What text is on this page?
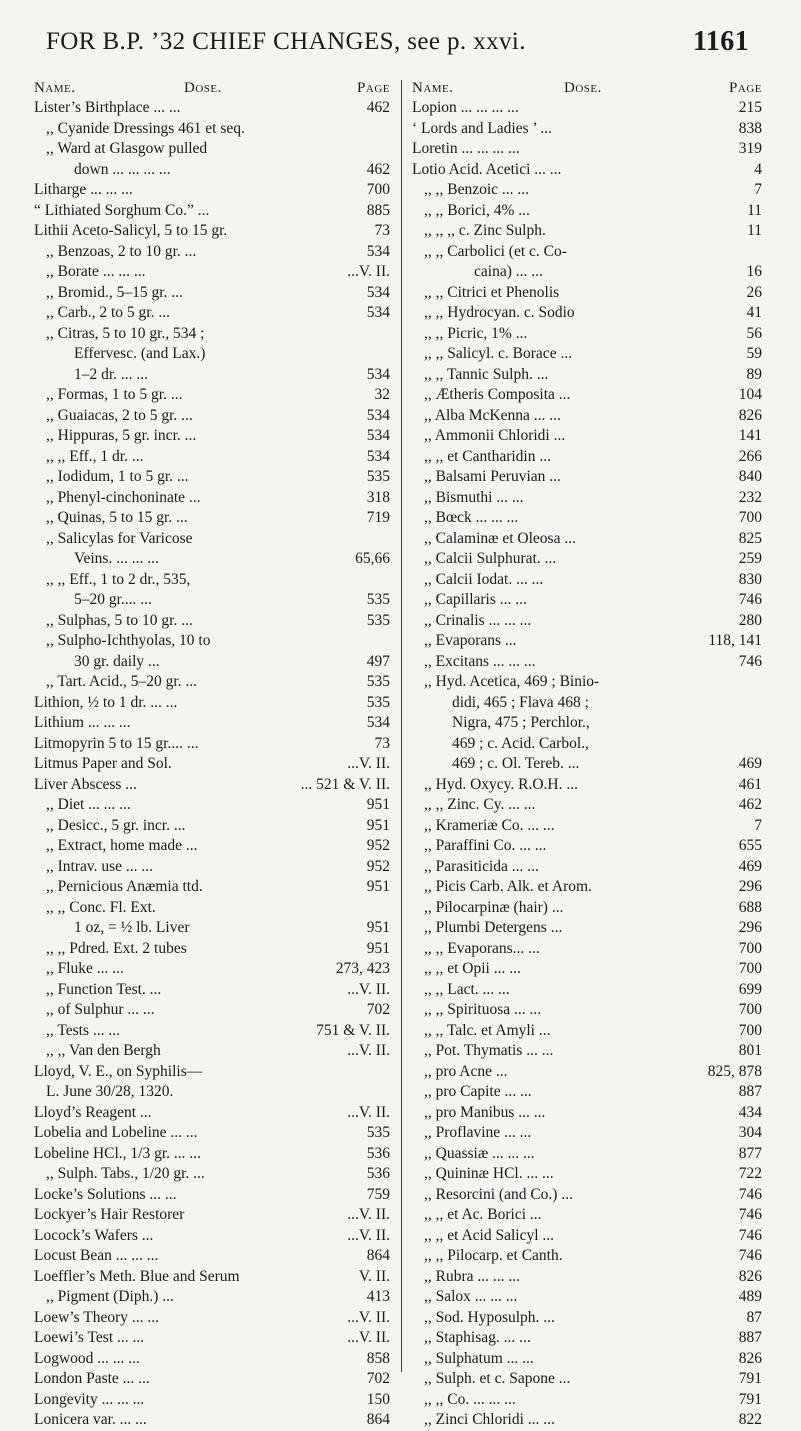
FOR B.P. ’32 CHIEF CHANGES, see p. xxvi.	1161
Name.	Dose.	Page
Lister’s Birthplace ... ...	462
,, Cyanide Dressings 461 et seq.
,, Ward at Glasgow pulled
down ... ... ... ...	462
Litharge ... ... ...	700
“ Lithiated Sorghum Co.” ...	885
Lithii Aceto-Salicyl, 5 to 15 gr.	73
,, Benzoas, 2 to 10 gr. ...	534
,, Borate ... ... ...	...V. II.
,, Bromid., 5–15 gr. ...	534
,, Carb., 2 to 5 gr. ...	534
,, Citras, 5 to 10 gr., 534 ;
Effervesc. (and Lax.)
1–2 dr. ... ...	534
,, Formas, 1 to 5 gr. ...	32
,, Guaiacas, 2 to 5 gr. ...	534
,, Hippuras, 5 gr. incr. ...	534
,, ,, Eff., 1 dr. ...	534
,, Iodidum, 1 to 5 gr. ...	535
,, Phenyl-cinchoninate ...	318
,, Quinas, 5 to 15 gr. ...	719
,, Salicylas for Varicose
Veins. ... ... ...	65,66
,, ,, Eff., 1 to 2 dr., 535,
5–20 gr.... ...	535
,, Sulphas, 5 to 10 gr. ...	535
,, Sulpho-Ichthyolas, 10 to
30 gr. daily ...	497
,, Tart. Acid., 5–20 gr. ...	535
Lithion, ½ to 1 dr. ... ...	535
Lithium ... ... ...	534
Litmopyrin 5 to 15 gr.... ...	73
Litmus Paper and Sol.	...V. II.
Liver Abscess ...	... 521 & V. II.
,, Diet ... ... ...	951
,, Desicc., 5 gr. incr. ...	951
,, Extract, home made ...	952
,, Intrav. use ... ...	952
,, Pernicious Anæmia ttd.	951
,, ,, Conc. Fl. Ext.
1 oz, = ½ lb. Liver	951
,, ,, Pdred. Ext. 2 tubes	951
,, Fluke ... ...	273, 423
,, Function Test. ...	...V. II.
,, of Sulphur ... ...	702
,, Tests ... ...	751 & V. II.
,, ,, Van den Bergh	...V. II.
Lloyd, V. E., on Syphilis—
L. June 30/28, 1320.
Lloyd’s Reagent ...	...V. II.
Lobelia and Lobeline ... ...	535
Lobeline HCl., 1/3 gr. ... ...	536
,, Sulph. Tabs., 1/20 gr. ...	536
Locke’s Solutions ... ...	759
Lockyer’s Hair Restorer	...V. II.
Locock’s Wafers ...	...V. II.
Locust Bean ... ... ...	864
Loeffler’s Meth. Blue and Serum	V. II.
,, Pigment (Diph.) ...	413
Loew’s Theory ... ...	...V. II.
Loewi’s Test ... ...	...V. II.
Logwood ... ... ...	858
London Paste ... ...	702
Longevity ... ... ...	150
Lonicera var. ... ...	864
Name.	Dose.	Page
Lopion ... ... ... ...	215
‘ Lords and Ladies ’ ...	838
Loretin ... ... ... ...	319
Lotio Acid. Acetici ... ...	4
,, ,, Benzoic ... ...	7
,, ,, Borici, 4% ...	11
,, ,, ,, c. Zinc Sulph.	11
,, ,, Carbolici (et c. Co-
caina) ... ...	16
,, ,, Citrici et Phenolis	26
,, ,, Hydrocyan. c. Sodio	41
,, ,, Picric, 1% ...	56
,, ,, Salicyl. c. Borace ...	59
,, ,, Tannic Sulph. ...	89
,, Ætheris Composita ...	104
,, Alba McKenna ... ...	826
,, Ammonii Chloridi ...	141
,, ,, et Cantharidin ...	266
,, Balsami Peruvian ...	840
,, Bismuthi ... ...	232
,, Bœck ... ... ...	700
,, Calaminæ et Oleosa ...	825
,, Calcii Sulphurat. ...	259
,, Calcii Iodat. ... ...	830
,, Capillaris ... ...	746
,, Crinalis ... ... ...	280
,, Evaporans ...	118, 141
,, Excitans ... ... ...	746
,, Hyd. Acetica, 469 ; Binio-
didi, 465 ; Flava 468 ;
Nigra, 475 ; Perchlor.,
469 ; c. Acid. Carbol.,
469 ; c. Ol. Tereb. ...	469
,, Hyd. Oxycy. R.O.H. ...	461
,, ,, Zinc. Cy. ... ...	462
,, Krameriæ Co. ... ...	7
,, Paraffini Co. ... ...	655
,, Parasiticida ... ...	469
,, Picis Carb. Alk. et Arom.	296
,, Pilocarpinæ (hair) ...	688
,, Plumbi Detergens ...	296
,, ,, Evaporans... ...	700
,, ,, et Opii ... ...	700
,, ,, Lact. ... ...	699
,, ,, Spirituosa ... ...	700
,, ,, Talc. et Amyli ...	700
,, Pot. Thymatis ... ...	801
,, pro Acne ...	825, 878
,, pro Capite ... ...	887
,, pro Manibus ... ...	434
,, Proflavine ... ...	304
,, Quassiæ ... ... ...	877
,, Quininæ HCl. ... ...	722
,, Resorcini (and Co.) ...	746
,, ,, et Ac. Borici ...	746
,, ,, et Acid Salicyl ...	746
,, ,, Pilocarp. et Canth.	746
,, Rubra ... ... ...	826
,, Salox ... ... ...	489
,, Sod. Hyposulph. ...	87
,, Staphisag. ... ...	887
,, Sulphatum ... ...	826
,, Sulph. et c. Sapone ...	791
,, ,, Co. ... ... ...	791
,, Zinci Chloridi ... ...	822
